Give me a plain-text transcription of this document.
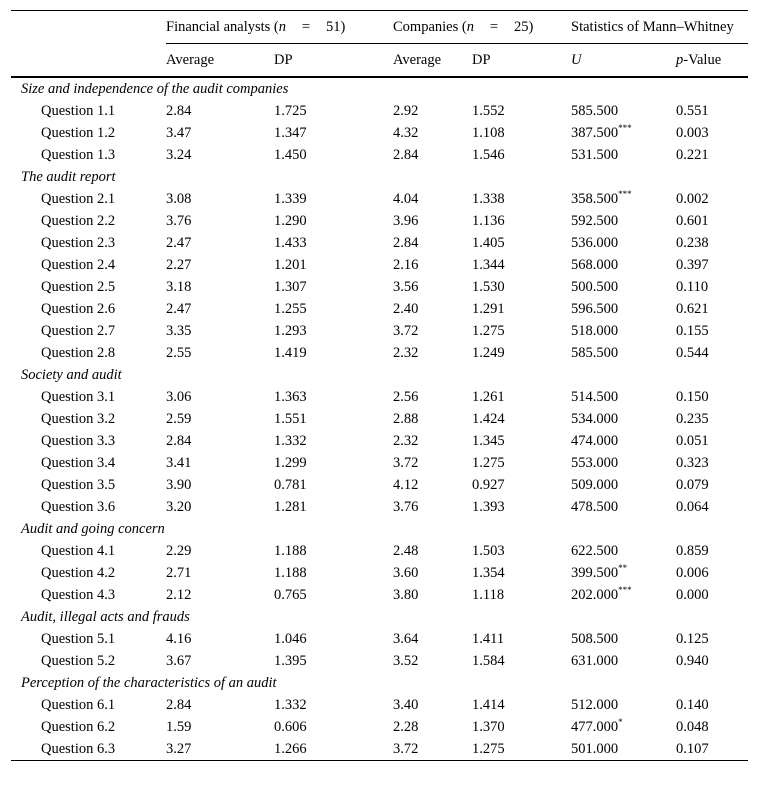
	Financial analysts (n = 51)		Companies (n = 25)		Statistics of Mann–Whitney	
	Average	DP	Average	DP	U	p-Value
Size and independence of the audit companies						
Question 1.1	2.84	1.725	2.92	1.552	585.500	0.551
Question 1.2	3.47	1.347	4.32	1.108	387.500***	0.003
Question 1.3	3.24	1.450	2.84	1.546	531.500	0.221
The audit report						
Question 2.1	3.08	1.339	4.04	1.338	358.500***	0.002
Question 2.2	3.76	1.290	3.96	1.136	592.500	0.601
Question 2.3	2.47	1.433	2.84	1.405	536.000	0.238
Question 2.4	2.27	1.201	2.16	1.344	568.000	0.397
Question 2.5	3.18	1.307	3.56	1.530	500.500	0.110
Question 2.6	2.47	1.255	2.40	1.291	596.500	0.621
Question 2.7	3.35	1.293	3.72	1.275	518.000	0.155
Question 2.8	2.55	1.419	2.32	1.249	585.500	0.544
Society and audit						
Question 3.1	3.06	1.363	2.56	1.261	514.500	0.150
Question 3.2	2.59	1.551	2.88	1.424	534.000	0.235
Question 3.3	2.84	1.332	2.32	1.345	474.000	0.051
Question 3.4	3.41	1.299	3.72	1.275	553.000	0.323
Question 3.5	3.90	0.781	4.12	0.927	509.000	0.079
Question 3.6	3.20	1.281	3.76	1.393	478.500	0.064
Audit and going concern						
Question 4.1	2.29	1.188	2.48	1.503	622.500	0.859
Question 4.2	2.71	1.188	3.60	1.354	399.500**	0.006
Question 4.3	2.12	0.765	3.80	1.118	202.000***	0.000
Audit, illegal acts and frauds						
Question 5.1	4.16	1.046	3.64	1.411	508.500	0.125
Question 5.2	3.67	1.395	3.52	1.584	631.000	0.940
Perception of the characteristics of an audit						
Question 6.1	2.84	1.332	3.40	1.414	512.000	0.140
Question 6.2	1.59	0.606	2.28	1.370	477.000*	0.048
Question 6.3	3.27	1.266	3.72	1.275	501.000	0.107
